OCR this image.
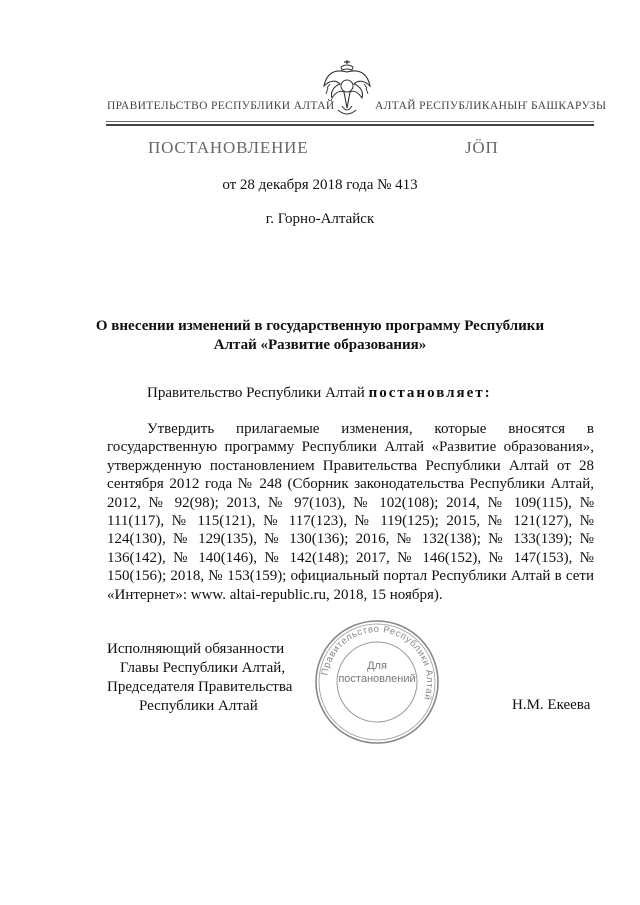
ПРАВИТЕЛЬСТВО РЕСПУБЛИКИ АЛТАЙ	АЛТАЙ РЕСПУБЛИКАНЫҤ БАШКАРУЗЫ
ПОСТАНОВЛЕНИЕ	ЈӦП
от 28 декабря 2018 года № 413
г. Горно-Алтайск
О внесении изменений в государственную программу Республики
Алтай «Развитие образования»
Правительство Республики Алтай постановляет:

Утвердить прилагаемые изменения, которые вносятся в государственную программу Республики Алтай «Развитие образования», утвержденную постановлением Правительства Республики Алтай от 28 сентября 2012 года № 248 (Сборник законодательства Республики Алтай, 2012, № 92(98); 2013, № 97(103), № 102(108); 2014, № 109(115), № 111(117), № 115(121), № 117(123), № 119(125); 2015, № 121(127), № 124(130), № 129(135), № 130(136); 2016, № 132(138); № 133(139); № 136(142), № 140(146), № 142(148); 2017, № 146(152), № 147(153), № 150(156); 2018, № 153(159); официальный портал Республики Алтай в сети «Интернет»: www. altai-republic.ru, 2018, 15 ноября).

Правительство Республики Алтай
Для
постановлений
Исполняющий обязанности
Главы Республики Алтай,
Председателя Правительства
Республики Алтай	Н.М. Екеева
